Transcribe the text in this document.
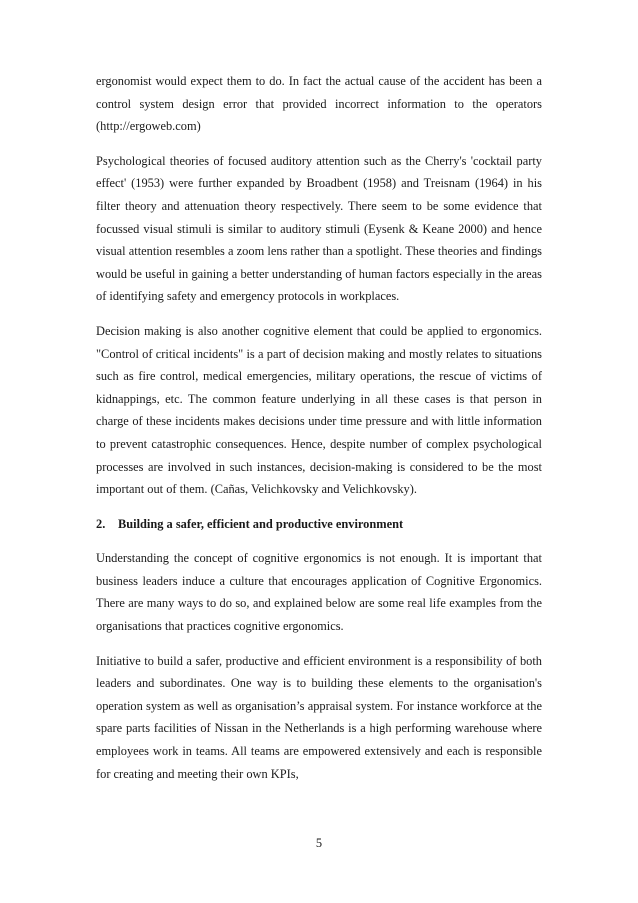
ergonomist would expect them to do. In fact the actual cause of the accident has been a control system design error that provided incorrect information to the operators (http://ergoweb.com)

Psychological theories of focused auditory attention such as the Cherry's 'cocktail party effect' (1953) were further expanded by Broadbent (1958) and Treisnam (1964) in his filter theory and attenuation theory respectively. There seem to be some evidence that focussed visual stimuli is similar to auditory stimuli (Eysenk & Keane 2000) and hence visual attention resembles a zoom lens rather than a spotlight. These theories and findings would be useful in gaining a better understanding of human factors especially in the areas of identifying safety and emergency protocols in workplaces.

Decision making is also another cognitive element that could be applied to ergonomics. "Control of critical incidents" is a part of decision making and mostly relates to situations such as fire control, medical emergencies, military operations, the rescue of victims of kidnappings, etc. The common feature underlying in all these cases is that person in charge of these incidents makes decisions under time pressure and with little information to prevent catastrophic consequences. Hence, despite number of complex psychological processes are involved in such instances, decision-making is considered to be the most important out of them. (Cañas, Velichkovsky and Velichkovsky).

2. Building a safer, efficient and productive environment

Understanding the concept of cognitive ergonomics is not enough. It is important that business leaders induce a culture that encourages application of Cognitive Ergonomics. There are many ways to do so, and explained below are some real life examples from the organisations that practices cognitive ergonomics.

Initiative to build a safer, productive and efficient environment is a responsibility of both leaders and subordinates. One way is to building these elements to the organisation's operation system as well as organisation’s appraisal system. For instance workforce at the spare parts facilities of Nissan in the Netherlands is a high performing warehouse where employees work in teams. All teams are empowered extensively and each is responsible for creating and meeting their own KPIs,

5
